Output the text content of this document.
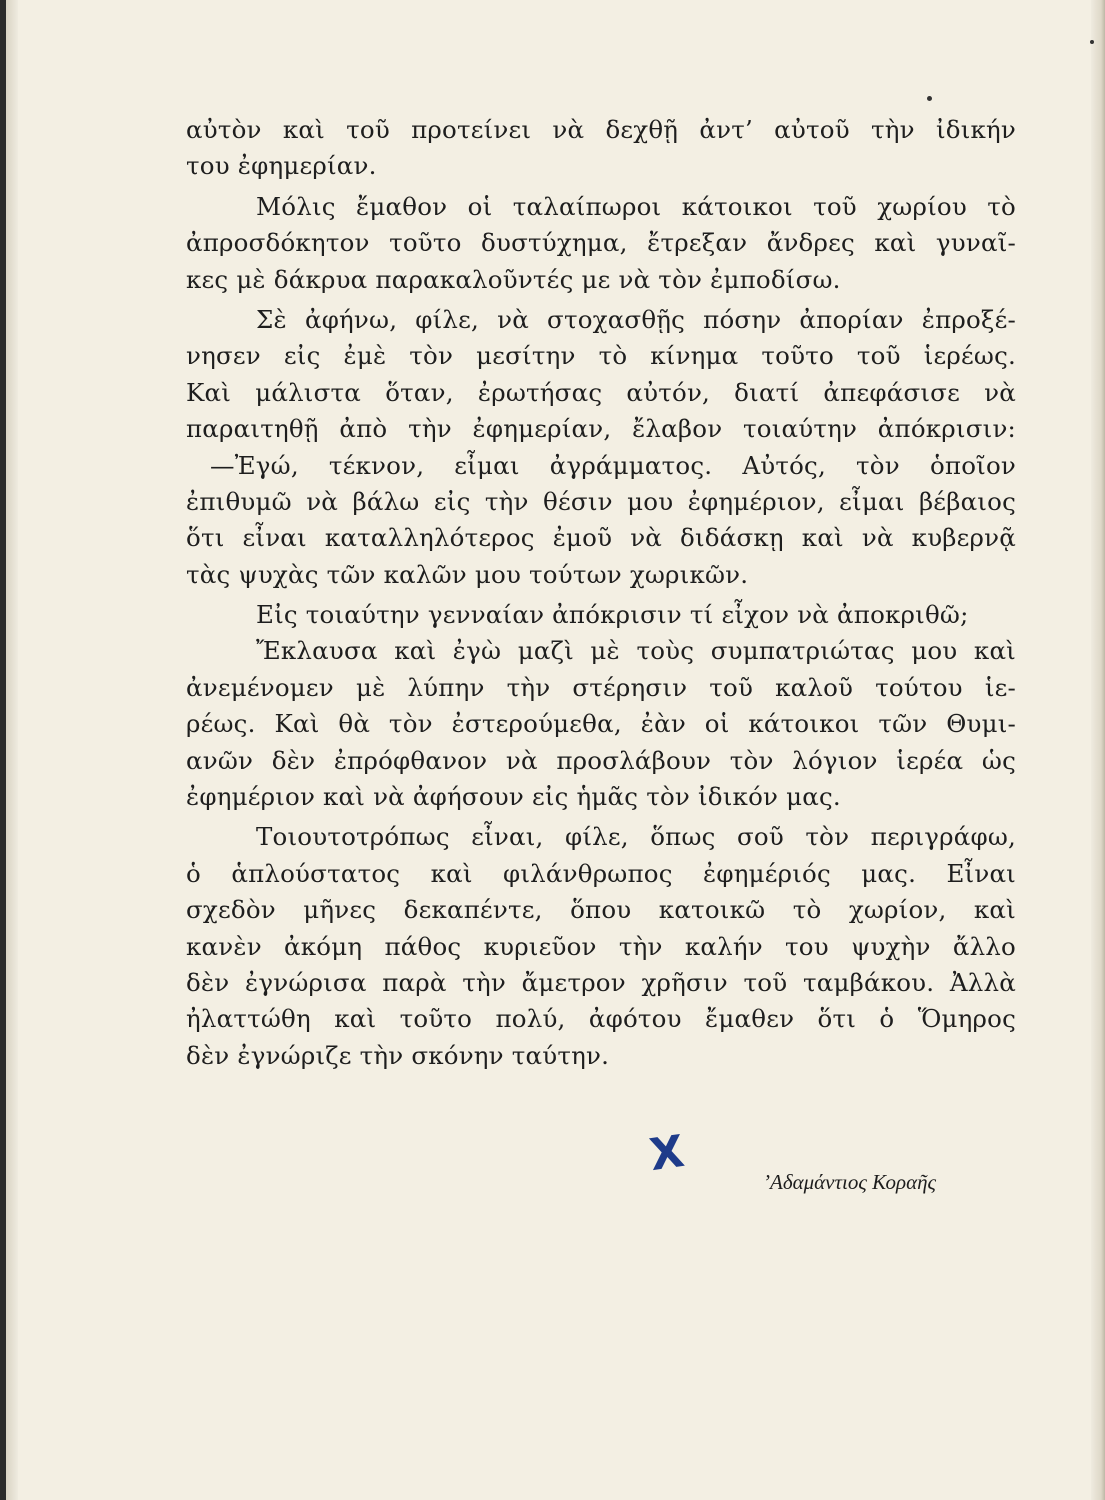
αὐτὸν καὶ τοῦ προτείνει νὰ δεχθῇ ἀντ’ αὐτοῦ τὴν ἰδικήν
του ἐφημερίαν.
Μόλις ἔμαθον οἱ ταλαίπωροι κάτοικοι τοῦ χωρίου τὸ
ἀπροσδόκητον τοῦτο δυστύχημα, ἔτρεξαν ἄνδρες καὶ γυναῖ-
κες μὲ δάκρυα παρακαλοῦντές με νὰ τὸν ἐμποδίσω.
Σὲ ἀφήνω, φίλε, νὰ στοχασθῇς πόσην ἀπορίαν ἐπροξέ-
νησεν εἰς ἐμὲ τὸν μεσίτην τὸ κίνημα τοῦτο τοῦ ἱερέως.
Καὶ μάλιστα ὅταν, ἐρωτήσας αὐτόν, διατί ἀπεφάσισε νὰ
παραιτηθῇ ἀπὸ τὴν ἐφημερίαν, ἔλαβον τοιαύτην ἀπόκρισιν:
—Ἐγώ, τέκνον, εἶμαι ἀγράμματος. Αὐτός, τὸν ὁποῖον
ἐπιθυμῶ νὰ βάλω εἰς τὴν θέσιν μου ἐφημέριον, εἶμαι βέβαιος
ὅτι εἶναι καταλληλότερος ἐμοῦ νὰ διδάσκῃ καὶ νὰ κυβερνᾷ
τὰς ψυχὰς τῶν καλῶν μου τούτων χωρικῶν.
Εἰς τοιαύτην γενναίαν ἀπόκρισιν τί εἶχον νὰ ἀποκριθῶ;
Ἔκλαυσα καὶ ἐγὼ μαζὶ μὲ τοὺς συμπατριώτας μου καὶ
ἀνεμένομεν μὲ λύπην τὴν στέρησιν τοῦ καλοῦ τούτου ἱε-
ρέως. Καὶ θὰ τὸν ἐστερούμεθα, ἐὰν οἱ κάτοικοι τῶν Θυμι-
ανῶν δὲν ἐπρόφθανον νὰ προσλάβουν τὸν λόγιον ἱερέα ὡς
ἐφημέριον καὶ νὰ ἀφήσουν εἰς ἡμᾶς τὸν ἰδικόν μας.
Τοιουτοτρόπως εἶναι, φίλε, ὅπως σοῦ τὸν περιγράφω,
ὁ ἁπλούστατος καὶ φιλάνθρωπος ἐφημέριός μας. Εἶναι
σχεδὸν μῆνες δεκαπέντε, ὅπου κατοικῶ τὸ χωρίον, καὶ
κανὲν ἀκόμη πάθος κυριεῦον τὴν καλήν του ψυχὴν ἄλλο
δὲν ἐγνώρισα παρὰ τὴν ἄμετρον χρῆσιν τοῦ ταμβάκου. Ἀλλὰ
ἠλαττώθη καὶ τοῦτο πολύ, ἀφότου ἔμαθεν ὅτι ὁ Ὅμηρος
δὲν ἐγνώριζε τὴν σκόνην ταύτην.
X
’Αδαμάντιος Κοραῆς
